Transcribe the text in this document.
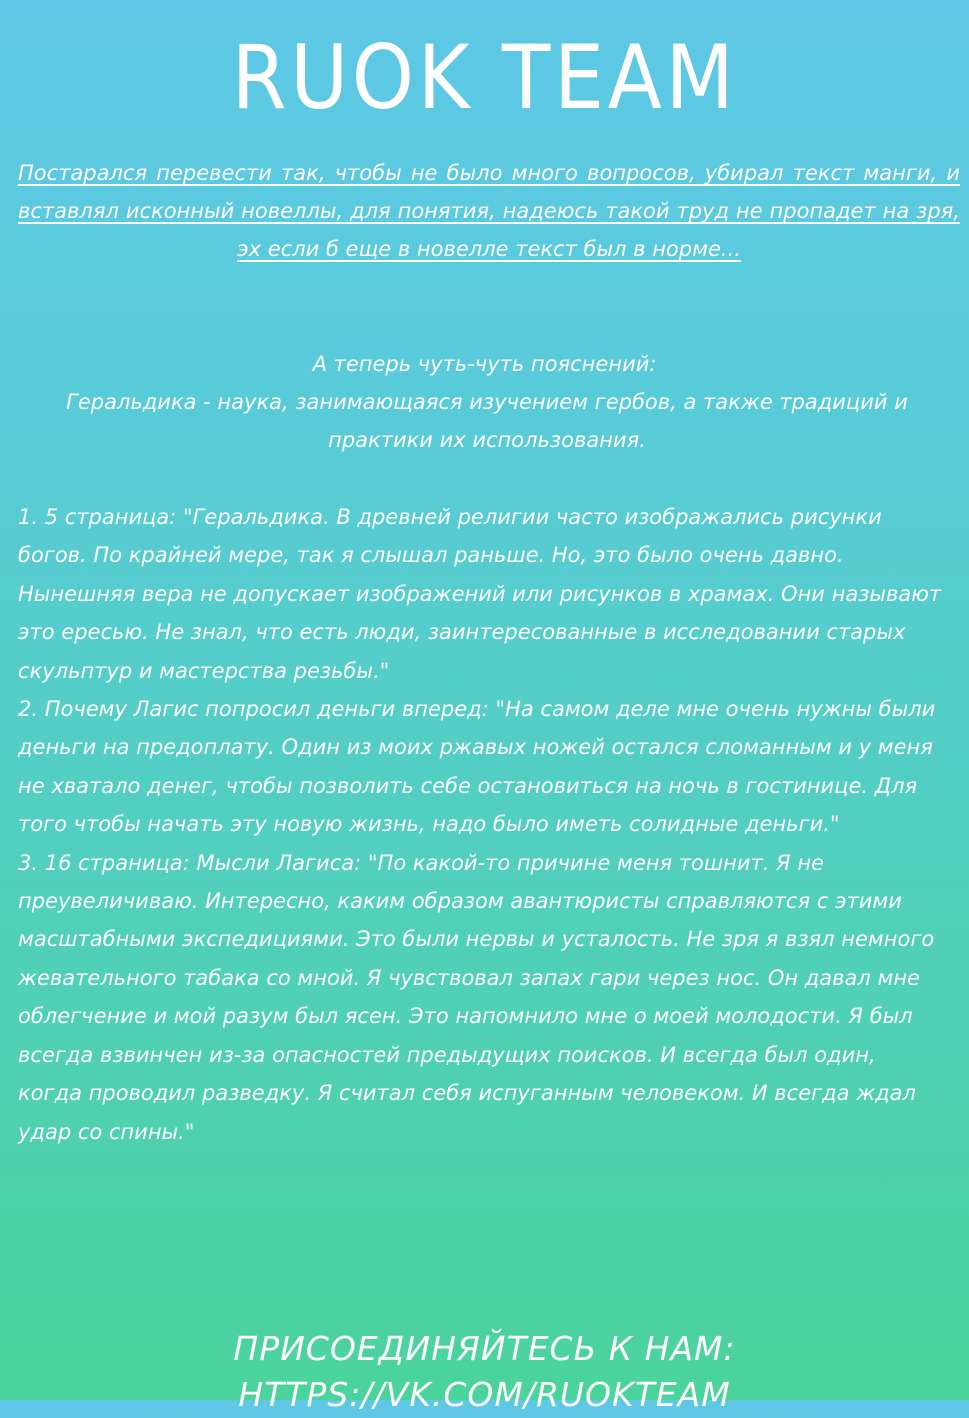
RUOK TEAM
Постарался перевести так, чтобы не было много вопросов, убирал текст манги, и вставлял исконный новеллы, для понятия, надеюсь такой труд не пропадет на зря, эх если б еще в новелле текст был в норме...
А теперь чуть-чуть пояснений:
Геральдика - наука, занимающаяся изучением гербов, а также традиций и практики их использования.

1. 5 страница: "Геральдика. В древней религии часто изображались рисунки богов. По крайней мере, так я слышал раньше. Но, это было очень давно. Нынешняя вера не допускает изображений или рисунков в храмах. Они называют это ересью. Не знал, что есть люди, заинтересованные в исследовании старых скульптур и мастерства резьбы."

2. Почему Лагис попросил деньги вперед: "На самом деле мне очень нужны были деньги на предоплату. Один из моих ржавых ножей остался сломанным и у меня не хватало денег, чтобы позволить себе остановиться на ночь в гостинице. Для того чтобы начать эту новую жизнь, надо было иметь солидные деньги."

3. 16 страница: Мысли Лагиса: "По какой-то причине меня тошнит. Я не преувеличиваю. Интересно, каким образом авантюристы справляются с этими масштабными экспедициями. Это были нервы и усталость. Не зря я взял немного жевательного табака со мной. Я чувствовал запах гари через нос. Он давал мне облегчение и мой разум был ясен. Это напомнило мне о моей молодости. Я был всегда взвинчен из-за опасностей предыдущих поисков. И всегда был один, когда проводил разведку. Я считал себя испуганным человеком. И всегда ждал удар со спины."

ПРИСОЕДИНЯЙТЕСЬ К НАМ: HTTPS://VK.COM/RUOKTEAM
